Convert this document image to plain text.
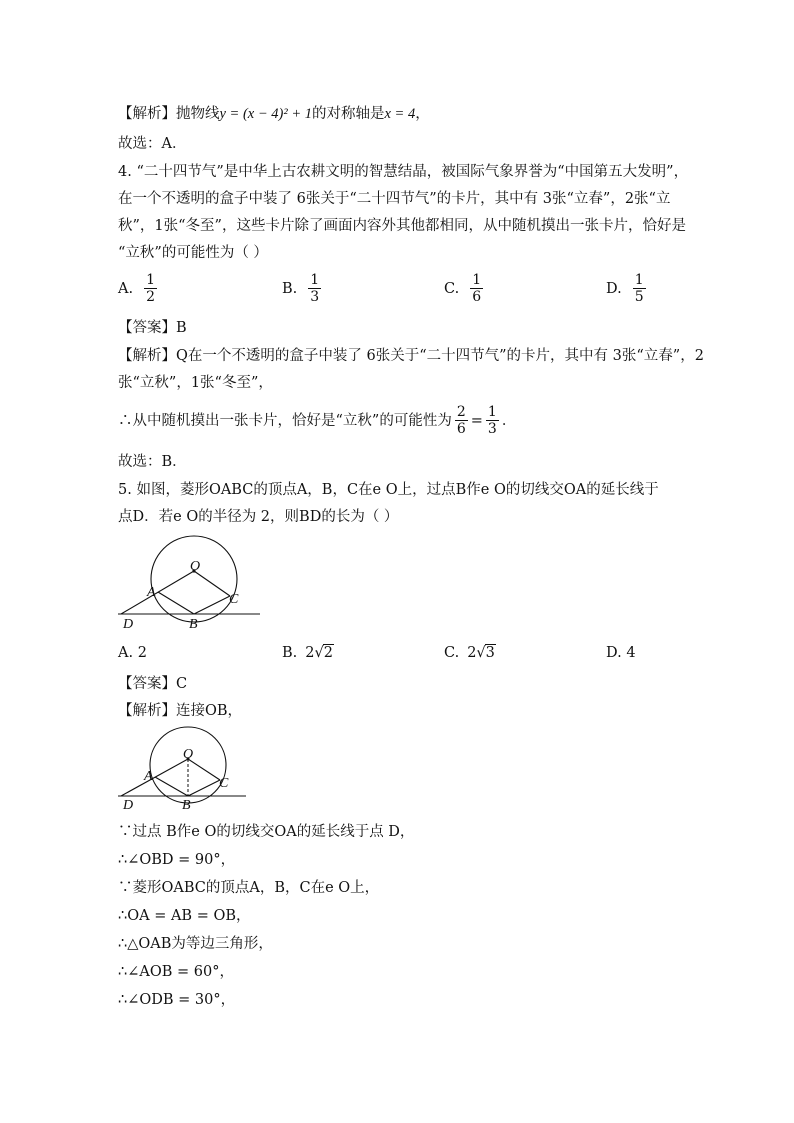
【解析】抛物线y = (x − 4)² + 1的对称轴是x = 4，
故选：A．
4. “二十四节气”是中华上古农耕文明的智慧结晶，被国际气象界誉为“中国第五大发明”，
在一个不透明的盒子中装了 6张关于“二十四节气”的卡片，其中有 3张“立春”，2张“立
秋”，1张“冬至”，这些卡片除了画面内容外其他都相同，从中随机摸出一张卡片，恰好是
“立秋”的可能性为（ ）
A. $\frac{1}{2}$	B. $\frac{1}{3}$	C. $\frac{1}{6}$	D. $\frac{1}{5}$
【答案】B
【解析】Q在一个不透明的盒子中装了 6张关于“二十四节气”的卡片，其中有 3张“立春”，2
张“立秋”，1张“冬至”，
∴从中随机摸出一张卡片，恰好是“立秋”的可能性为 $\frac{2}{6} = \frac{1}{3}$ ．
故选：B．
5. 如图，菱形OABC的顶点A，B，C在e O上，过点B作e O的切线交OA的延长线于
点D．若e O的半径为 2，则BD的长为（ ）
O
A
B
C
D
A. 2	B. 2 √2	C. 2 √3	D. 4
【答案】C
【解析】连接OB，
O
A
B
C
D
∵过点 B作e O的切线交OA的延长线于点 D，
∴∠OBD = 90°，
∵菱形OABC的顶点A，B，C在e O上，
∴OA = AB = OB，
∴△OAB为等边三角形，
∴∠AOB = 60°，
∴∠ODB = 30°，
